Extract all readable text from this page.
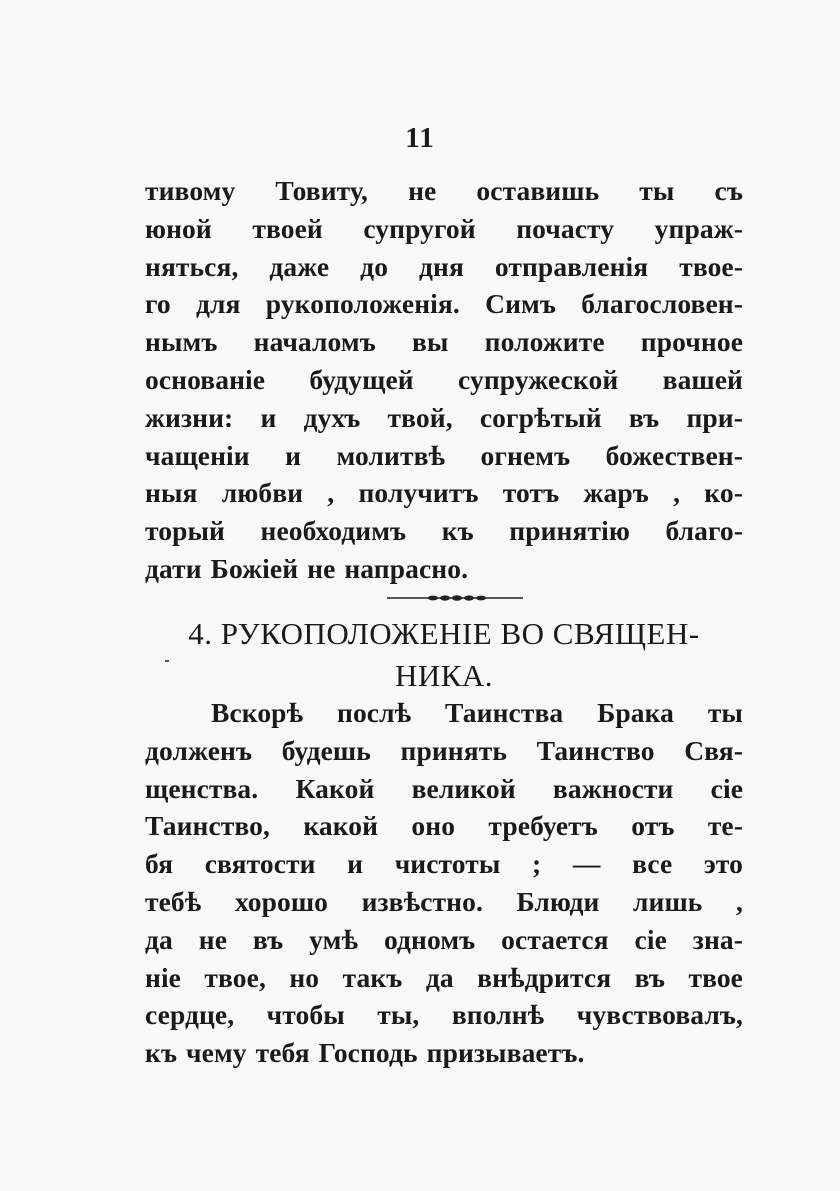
11

тивому Товиту, не оставишь ты съ
юной твоей супругой почасту упраж-
няться, даже до дня отправленія твое-
го для рукоположенія. Симъ благословен-
нымъ началомъ вы положите прочное
основаніе будущей супружеской вашей
жизни: и духъ твой, согрѣтый въ при-
чащеніи и молитвѣ огнемъ божествен-
ныя любви , получитъ тотъ жаръ , ко-
торый необходимъ къ принятію благо-
дати Божіей не напрасно.

4. РУКОПОЛОЖЕНІЕ ВО СВЯЩЕН-
НИКА.

Вскорѣ послѣ Таинства Брака ты
долженъ будешь принять Таинство Свя-
щенства. Какой великой важности сіе
Таинство, какой оно требуетъ отъ те-
бя святости и чистоты ; — все это
тебѣ хорошо извѣстно. Блюди лишь ,
да не въ умѣ одномъ остается сіе зна-
ніе твое, но такъ да внѣдрится въ твое
сердце, чтобы ты, вполнѣ чувствовалъ,
къ чему тебя Господь призываетъ.
